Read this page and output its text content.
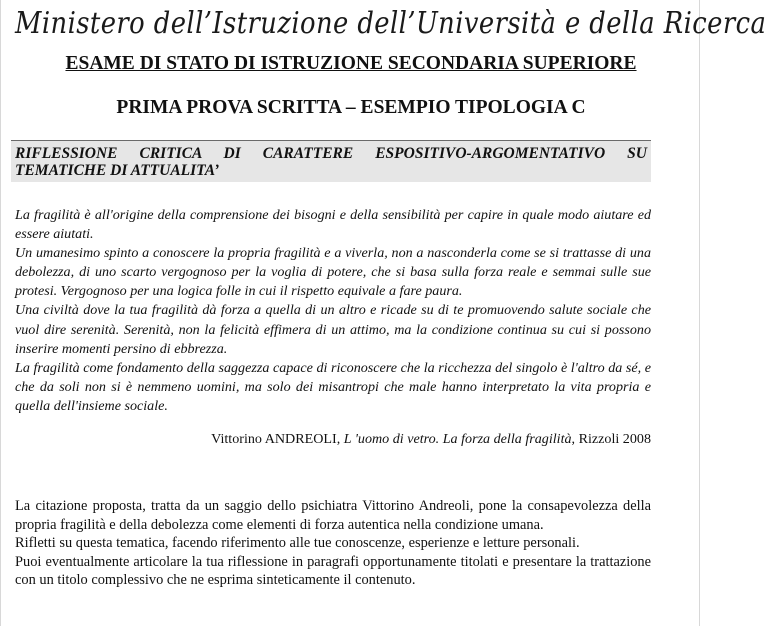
Ministero dell’Istruzione dell’Università e della Ricerca
ESAME DI STATO DI ISTRUZIONE SECONDARIA SUPERIORE
PRIMA PROVA SCRITTA – ESEMPIO TIPOLOGIA C

RIFLESSIONE CRITICA DI CARATTERE ESPOSITIVO-ARGOMENTATIVO SU TEMATICHE DI ATTUALITA’

La fragilità è all'origine della comprensione dei bisogni e della sensibilità per capire in quale modo aiutare ed essere aiutati.

Un umanesimo spinto a conoscere la propria fragilità e a viverla, non a nasconderla come se si trattasse di una debolezza, di uno scarto vergognoso per la voglia di potere, che si basa sulla forza reale e semmai sulle sue protesi. Vergognoso per una logica folle in cui il rispetto equivale a fare paura.

Una civiltà dove la tua fragilità dà forza a quella di un altro e ricade su di te promuovendo salute sociale che vuol dire serenità. Serenità, non la felicità effimera di un attimo, ma la condizione continua su cui si possono inserire momenti persino di ebbrezza.

La fragilità come fondamento della saggezza capace di riconoscere che la ricchezza del singolo è l'altro da sé, e che da soli non si è nemmeno uomini, ma solo dei misantropi che male hanno interpretato la vita propria e quella dell'insieme sociale.

Vittorino ANDREOLI, L 'uomo di vetro. La forza della fragilità, Rizzoli 2008

La citazione proposta, tratta da un saggio dello psichiatra Vittorino Andreoli, pone la consapevolezza della propria fragilità e della debolezza come elementi di forza autentica nella condizione umana.

Rifletti su questa tematica, facendo riferimento alle tue conoscenze, esperienze e letture personali.

Puoi eventualmente articolare la tua riflessione in paragrafi opportunamente titolati e presentare la trattazione con un titolo complessivo che ne esprima sinteticamente il contenuto.
